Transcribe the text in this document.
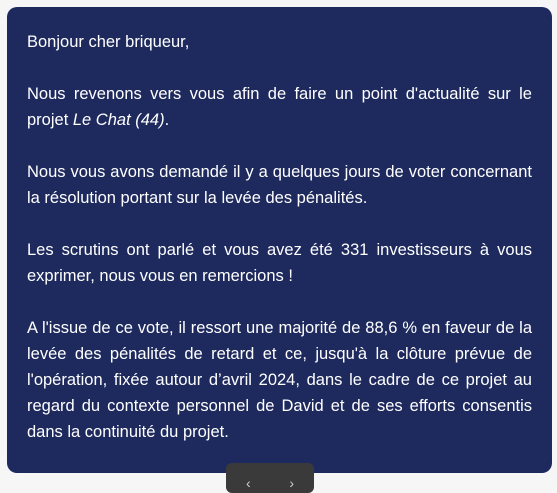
Bonjour cher briqueur,

Nous revenons vers vous afin de faire un point d'actualité sur le projet Le Chat (44).

Nous vous avons demandé il y a quelques jours de voter concernant la résolution portant sur la levée des pénalités.

Les scrutins ont parlé et vous avez été 331 investisseurs à vous exprimer, nous vous en remercions !

A l'issue de ce vote, il ressort une majorité de 88,6 % en faveur de la levée des pénalités de retard et ce, jusqu'à la clôture prévue de l'opération, fixée autour d’avril 2024, dans le cadre de ce projet au regard du contexte personnel de David et de ses efforts consentis dans la continuité du projet.

‹	›
